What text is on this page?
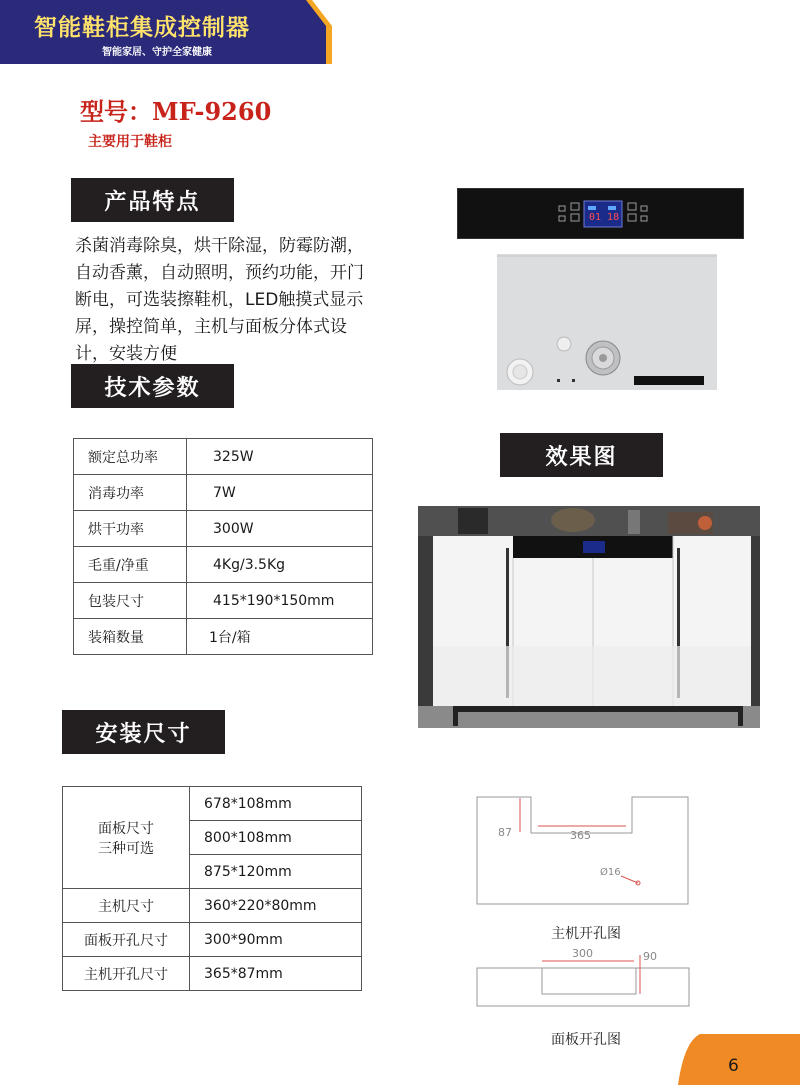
智能鞋柜集成控制器
智能家居、守护全家健康
型号：MF-9260
主要用于鞋柜
产品特点
杀菌消毒除臭，烘干除湿，防霉防潮，
自动香薰，自动照明，预约功能，开门
断电，可选装擦鞋机，LED触摸式显示
屏，操控简单，主机与面板分体式设
计，安装方便
技术参数
额定总功率	325W
消毒功率	7W
烘干功率	300W
毛重/净重	4Kg/3.5Kg
包装尺寸	415*190*150mm
装箱数量	1台/箱
安装尺寸
面板尺寸
三种可选	678*108mm
	800*108mm
	875*120mm
主机尺寸	360*220*80mm
面板开孔尺寸	300*90mm
主机开孔尺寸	365*87mm
01 18
效果图
87	365
Ø16
主机开孔图
300	90
面板开孔图
6
